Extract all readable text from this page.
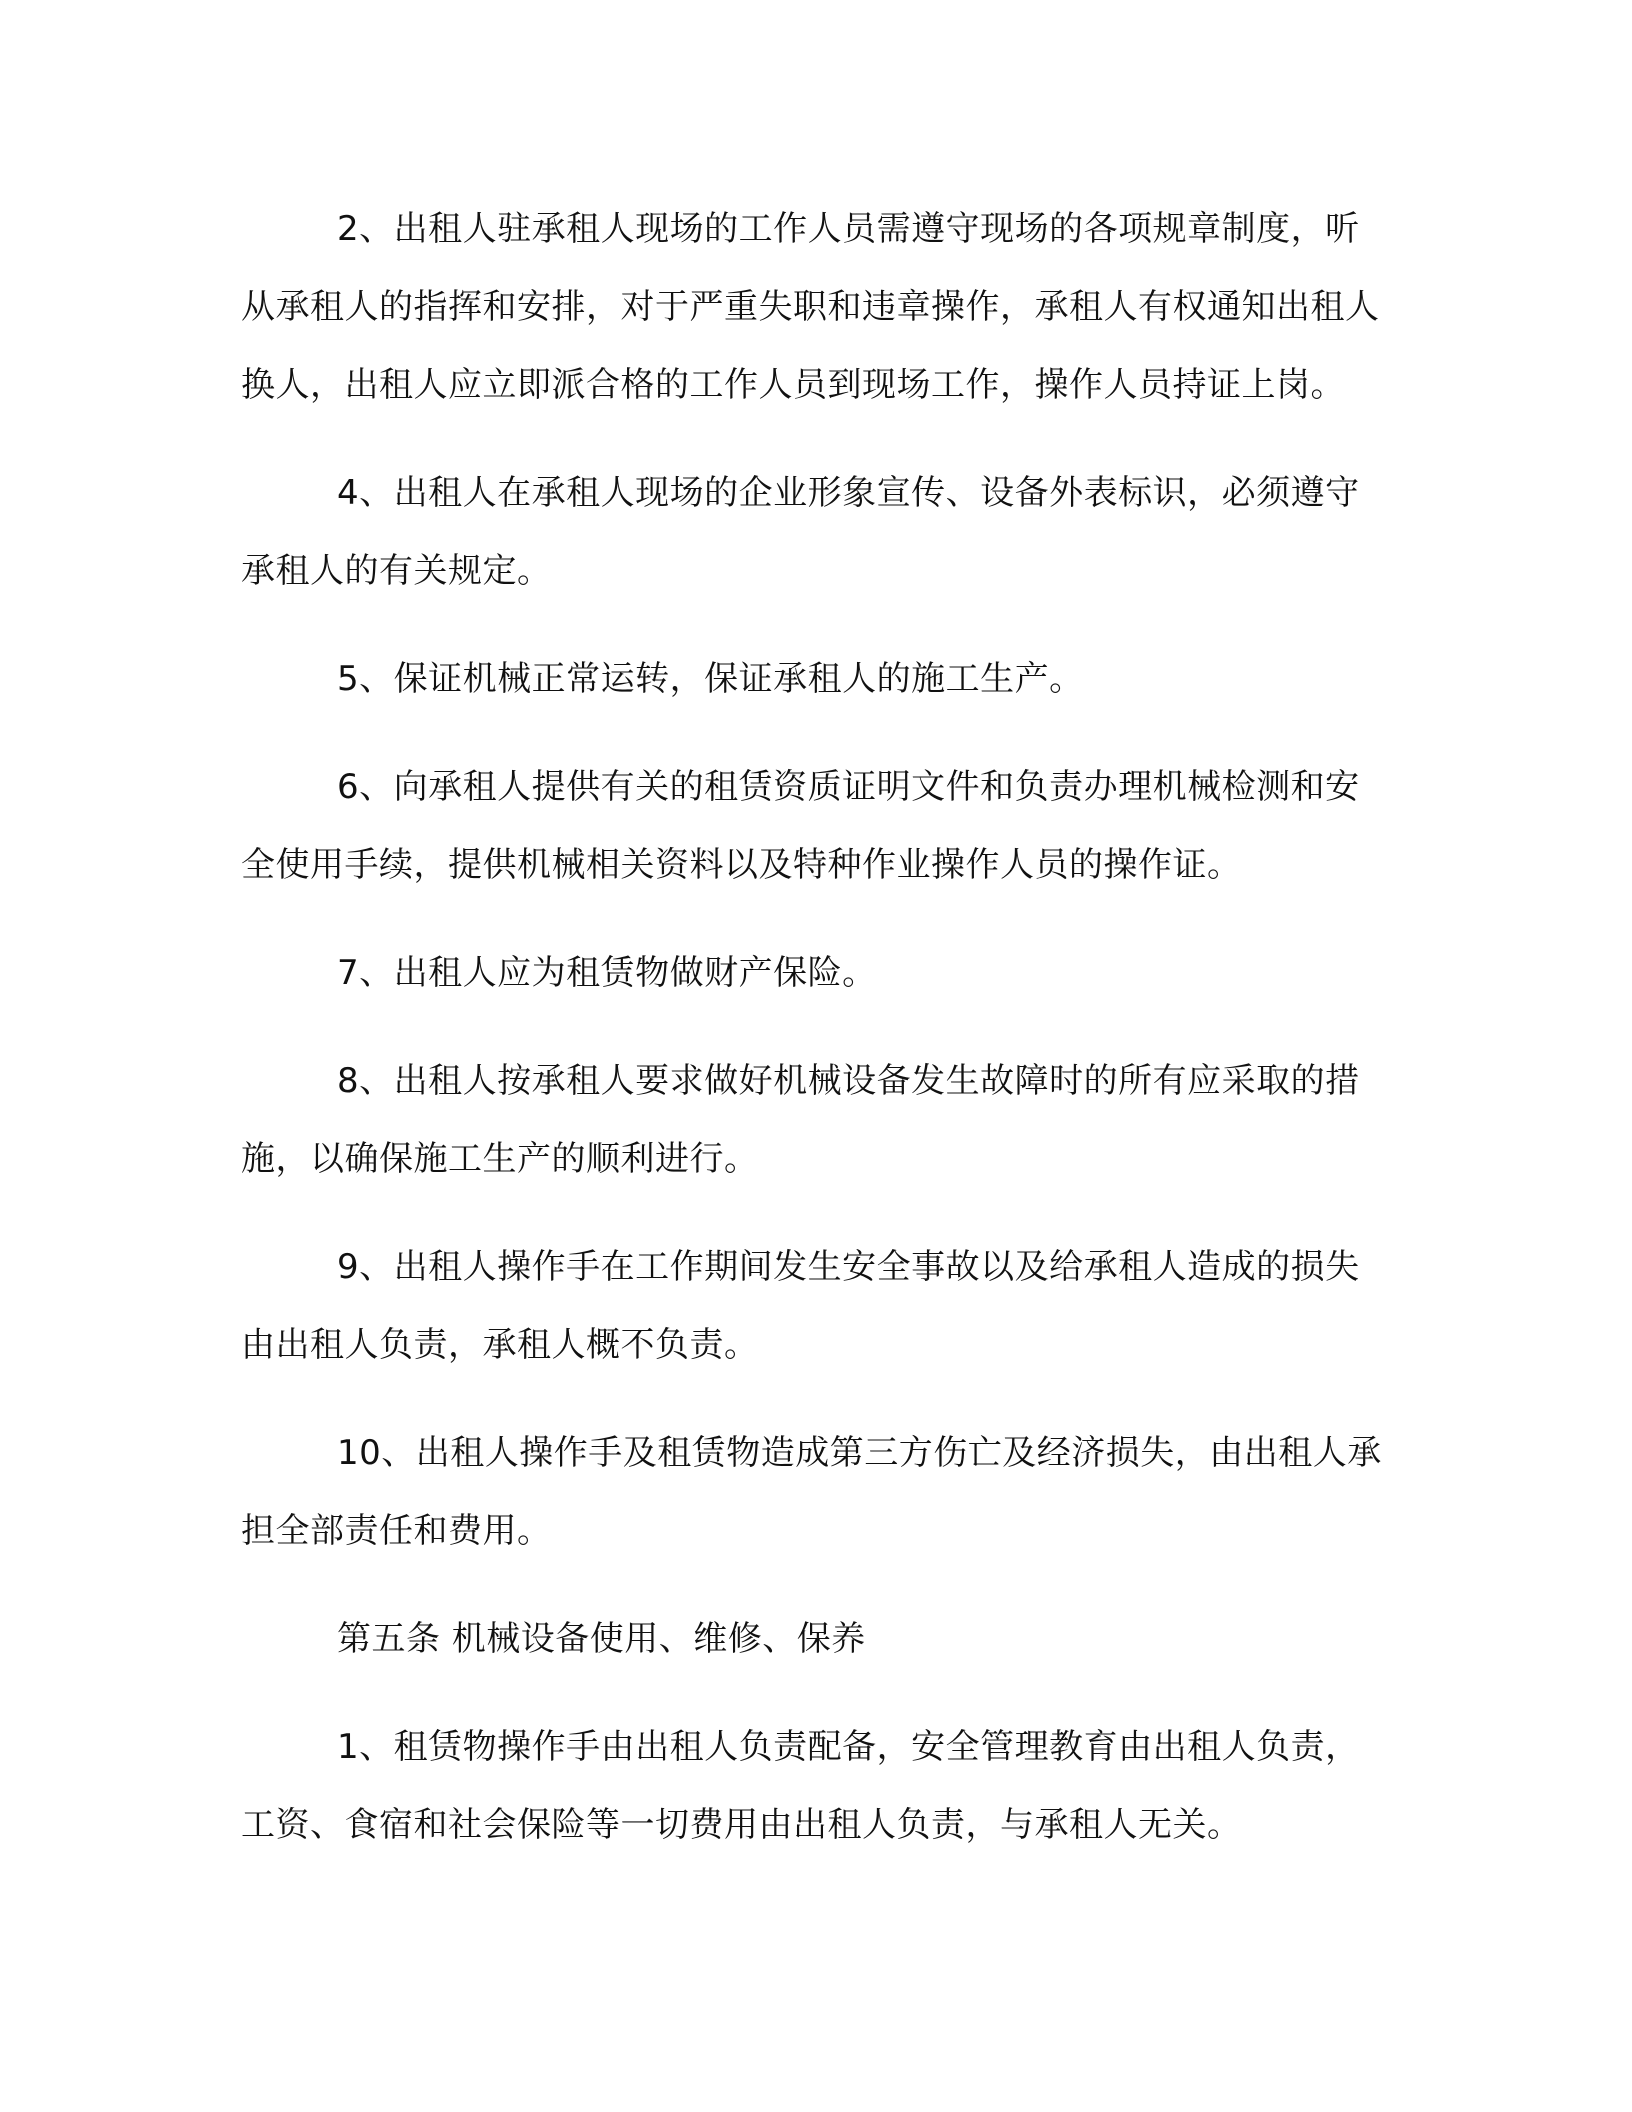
2、出租人驻承租人现场的工作人员需遵守现场的各项规章制度，听从承租人的指挥和安排，对于严重失职和违章操作，承租人有权通知出租人换人，出租人应立即派合格的工作人员到现场工作，操作人员持证上岗。

4、出租人在承租人现场的企业形象宣传、设备外表标识，必须遵守承租人的有关规定。

5、保证机械正常运转，保证承租人的施工生产。

6、向承租人提供有关的租赁资质证明文件和负责办理机械检测和安全使用手续，提供机械相关资料以及特种作业操作人员的操作证。

7、出租人应为租赁物做财产保险。

8、出租人按承租人要求做好机械设备发生故障时的所有应采取的措施，以确保施工生产的顺利进行。

9、出租人操作手在工作期间发生安全事故以及给承租人造成的损失由出租人负责，承租人概不负责。

10、出租人操作手及租赁物造成第三方伤亡及经济损失，由出租人承担全部责任和费用。

第五条 机械设备使用、维修、保养

1、租赁物操作手由出租人负责配备，安全管理教育由出租人负责，工资、食宿和社会保险等一切费用由出租人负责，与承租人无关。
